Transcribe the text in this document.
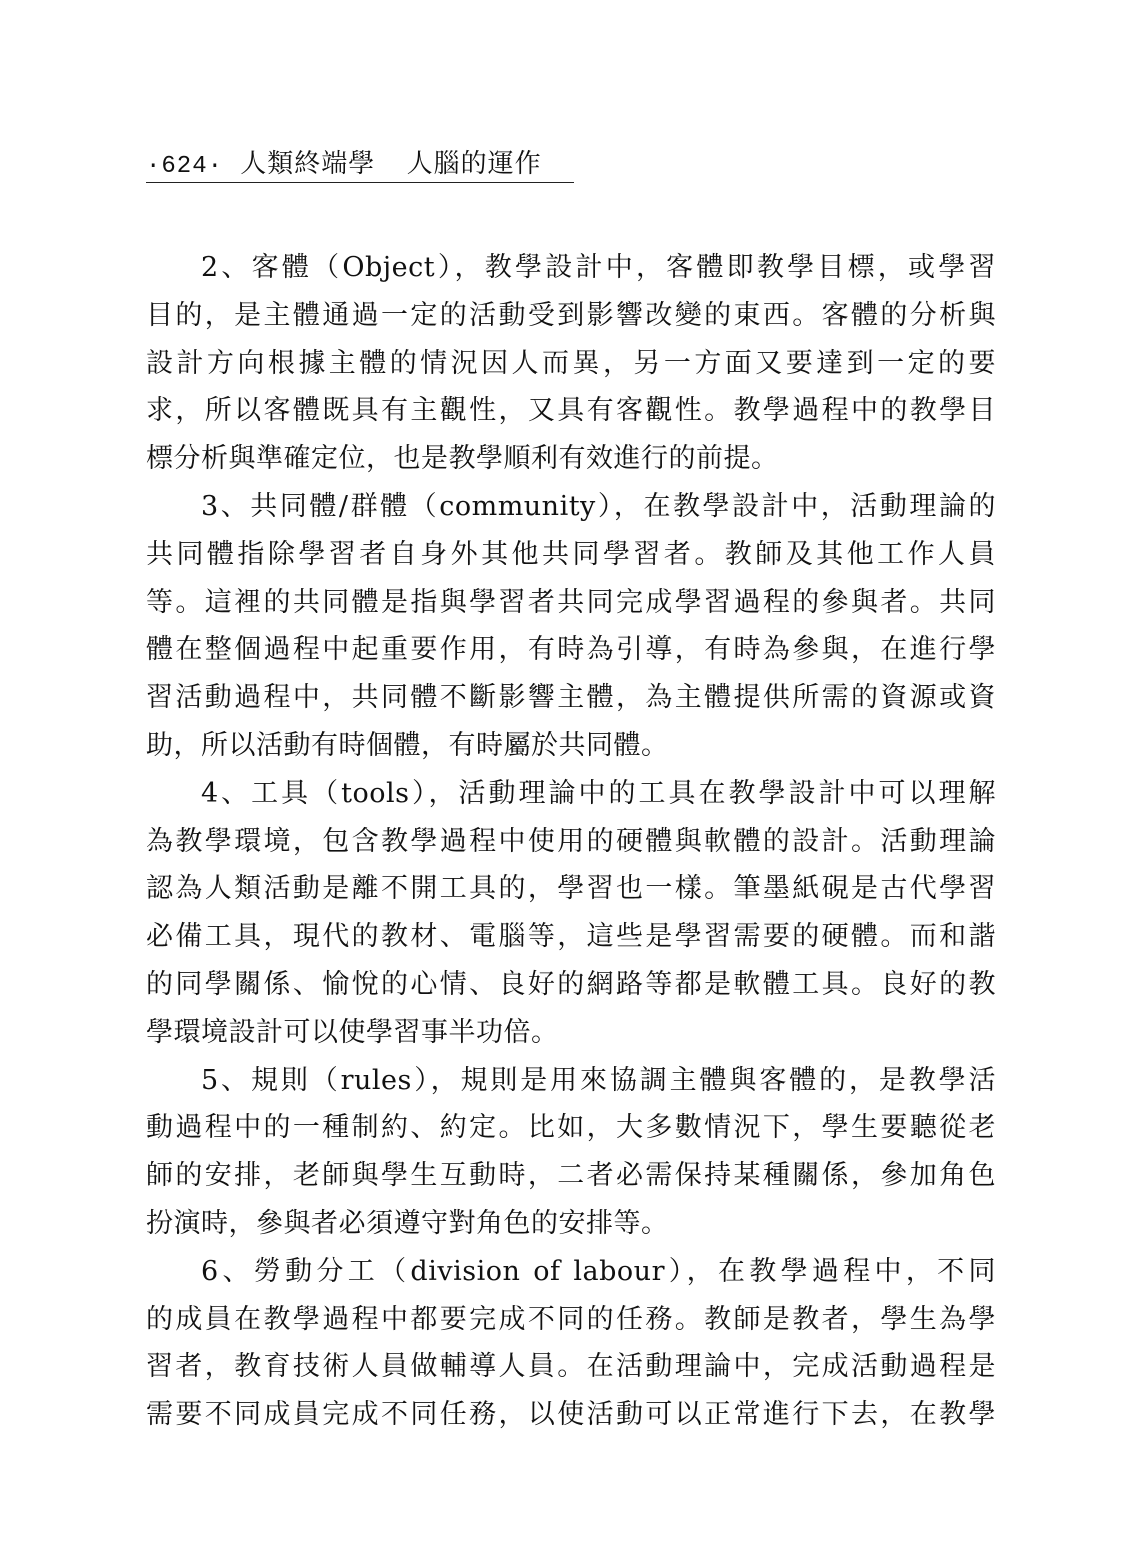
·624· 人類終端學 人腦的運作
2、客體（Object），教學設計中，客體即教學目標，或學習
目的，是主體通過一定的活動受到影響改變的東西。客體的分析與
設計方向根據主體的情況因人而異，另一方面又要達到一定的要
求，所以客體既具有主觀性，又具有客觀性。教學過程中的教學目
標分析與準確定位，也是教學順利有效進行的前提。
3、共同體/群體（community），在教學設計中，活動理論的
共同體指除學習者自身外其他共同學習者。教師及其他工作人員
等。這裡的共同體是指與學習者共同完成學習過程的參與者。共同
體在整個過程中起重要作用，有時為引導，有時為參與，在進行學
習活動過程中，共同體不斷影響主體，為主體提供所需的資源或資
助，所以活動有時個體，有時屬於共同體。
4、工具（tools），活動理論中的工具在教學設計中可以理解
為教學環境，包含教學過程中使用的硬體與軟體的設計。活動理論
認為人類活動是離不開工具的，學習也一樣。筆墨紙硯是古代學習
必備工具，現代的教材、電腦等，這些是學習需要的硬體。而和諧
的同學關係、愉悅的心情、良好的網路等都是軟體工具。良好的教
學環境設計可以使學習事半功倍。
5、規則（rules），規則是用來協調主體與客體的，是教學活
動過程中的一種制約、約定。比如，大多數情況下，學生要聽從老
師的安排，老師與學生互動時，二者必需保持某種關係，參加角色
扮演時，參與者必須遵守對角色的安排等。
6、勞動分工（division of labour），在教學過程中，不同
的成員在教學過程中都要完成不同的任務。教師是教者，學生為學
習者，教育技術人員做輔導人員。在活動理論中，完成活動過程是
需要不同成員完成不同任務，以使活動可以正常進行下去，在教學
